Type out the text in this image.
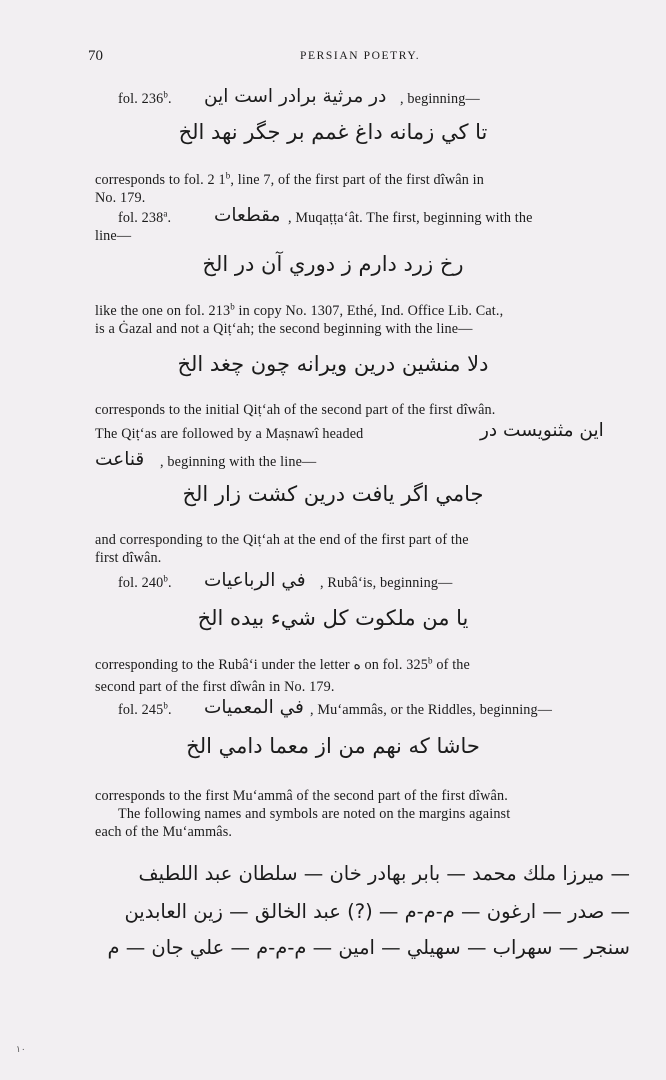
70	PERSIAN POETRY.
fol. 236$^b$. در مرثية برادر است اين , beginning—
تا کي زمانه داغ غمم بر جگر نهد الخ
corresponds to fol. 2 1$^b$, line 7, of the first part of the first dîwân in
No. 179.
fol. 238$^a$. مقطعات , Muqaṭṭa‘ât. The first, beginning with the
line—
رخ زرد دارم ز دوري آن در الخ
like the one on fol. 213$^b$ in copy No. 1307, Ethé, Ind. Office Lib. Cat.,
is a Ġazal and not a Qiṭ‘ah; the second beginning with the line—
دلا منشين درين ويرانه چون چغد الخ
corresponds to the initial Qiṭ‘ah of the second part of the first dîwân.
The Qiṭ‘as are followed by a Maṣnawî headed	اين مثنويست در
قناعت , beginning with the line—
جامي اگر يافت درين کشت زار الخ
and corresponding to the Qiṭ‘ah at the end of the first part of the
first dîwân.
fol. 240$^b$. في الرباعيات , Rubâ‘is, beginning—
يا من ملکوت کل شيء بيده الخ
corresponding to the Rubâ‘i under the letter ه on fol. 325$^b$ of the
second part of the first dîwân in No. 179.
fol. 245$^b$. في المعميات , Mu‘ammâs, or the Riddles, beginning—
حاشا که نهم من از معما دامي الخ
corresponds to the first Mu‘ammâ of the second part of the first dîwân.
The following names and symbols are noted on the margins against
each of the Mu‘ammâs.
— ميرزا ملك محمد — بابر بهادر خان — سلطان عبد اللطيف
— صدر — ارغون — م-م-م — (?) عبد الخالق — زين العابدين
سنجر — سهراب — سهيلي — امين — م-م-م — علي جان — م
١٠
